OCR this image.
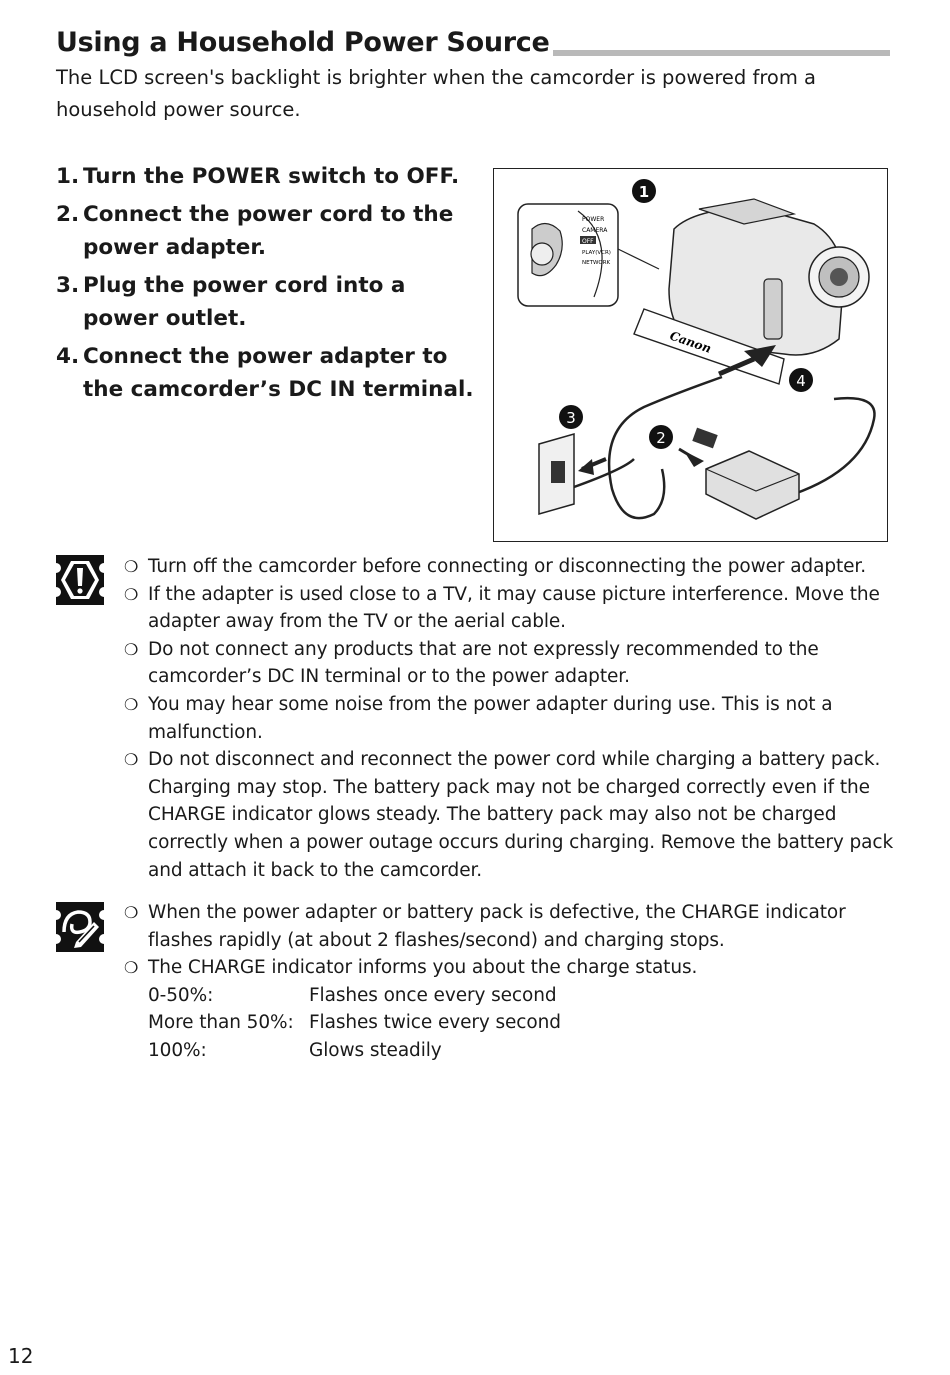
Using a Household Power Source
The LCD screen's backlight is brighter when the camcorder is powered from a household power source.
1. Turn the POWER switch to OFF.
2. Connect the power cord to the power adapter.
3. Plug the power cord into a power outlet.
4. Connect the power adapter to the camcorder’s DC IN terminal.
POWER
CAMERA
OFF
PLAY(VCR)
NETWORK
Canon
1
2
3
4
❍ Turn off the camcorder before connecting or disconnecting the power adapter.
❍ If the adapter is used close to a TV, it may cause picture interference. Move the adapter away from the TV or the aerial cable.
❍ Do not connect any products that are not expressly recommended to the camcorder’s DC IN terminal or to the power adapter.
❍ You may hear some noise from the power adapter during use. This is not a malfunction.
❍ Do not disconnect and reconnect the power cord while charging a battery pack. Charging may stop. The battery pack may not be charged correctly even if the CHARGE indicator glows steady. The battery pack may also not be charged correctly when a power outage occurs during charging. Remove the battery pack and attach it back to the camcorder.
❍ When the power adapter or battery pack is defective, the CHARGE indicator flashes rapidly (at about 2 flashes/second) and charging stops.
❍ The CHARGE indicator informs you about the charge status.
0-50%:	Flashes once every second
More than 50%: Flashes twice every second
100%:	Glows steadily
12
